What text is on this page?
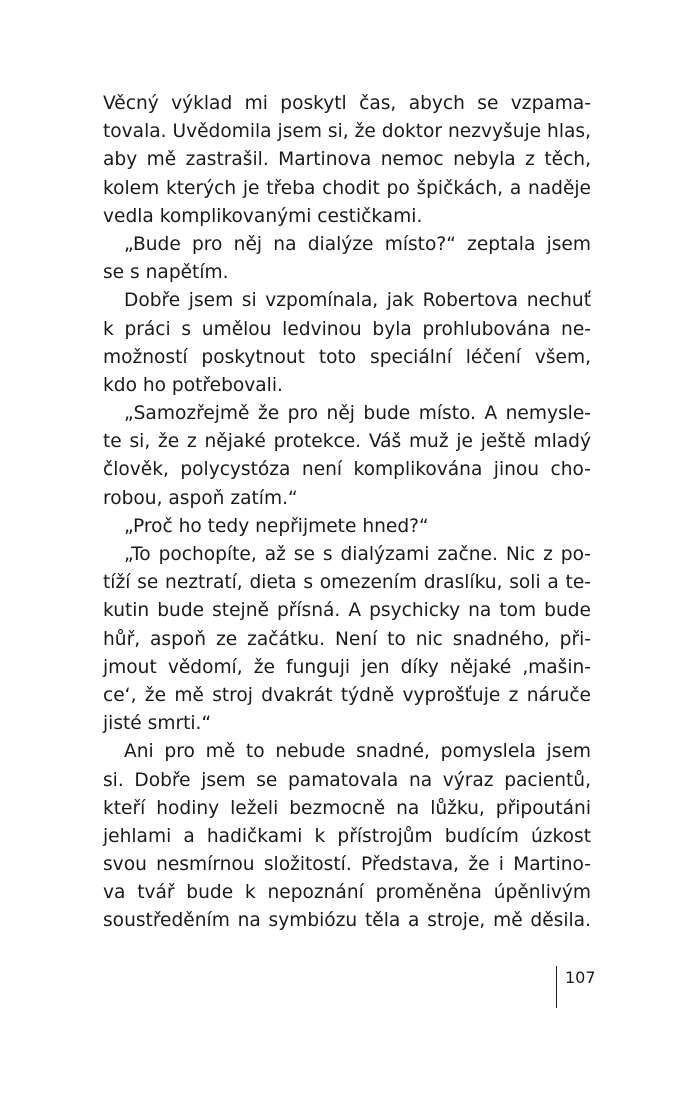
Věcný výklad mi poskytl čas, abych se vzpama-
tovala. Uvědomila jsem si, že doktor nezvyšuje hlas,
aby mě zastrašil. Martinova nemoc nebyla z těch,
kolem kterých je třeba chodit po špičkách, a naděje
vedla komplikovanými cestičkami.
„Bude pro něj na dialýze místo?“ zeptala jsem
se s napětím.
Dobře jsem si vzpomínala, jak Robertova nechuť
k práci s umělou ledvinou byla prohlubována ne-
možností poskytnout toto speciální léčení všem,
kdo ho potřebovali.
„Samozřejmě že pro něj bude místo. A nemysle-
te si, že z nějaké protekce. Váš muž je ještě mladý
člověk, polycystóza není komplikována jinou cho-
robou, aspoň zatím.“
„Proč ho tedy nepřijmete hned?“
„To pochopíte, až se s dialýzami začne. Nic z po-
tíží se neztratí, dieta s omezením draslíku, soli a te-
kutin bude stejně přísná. A psychicky na tom bude
hůř, aspoň ze začátku. Není to nic snadného, při-
jmout vědomí, že funguji jen díky nějaké ‚mašin-
ce‘, že mě stroj dvakrát týdně vyprošťuje z náruče
jisté smrti.“
Ani pro mě to nebude snadné, pomyslela jsem
si. Dobře jsem se pamatovala na výraz pacientů,
kteří hodiny leželi bezmocně na lůžku, připoutáni
jehlami a hadičkami k přístrojům budícím úzkost
svou nesmírnou složitostí. Představa, že i Martino-
va tvář bude k nepoznání proměněna úpěnlivým
soustředěním na symbiózu těla a stroje, mě děsila.
107
